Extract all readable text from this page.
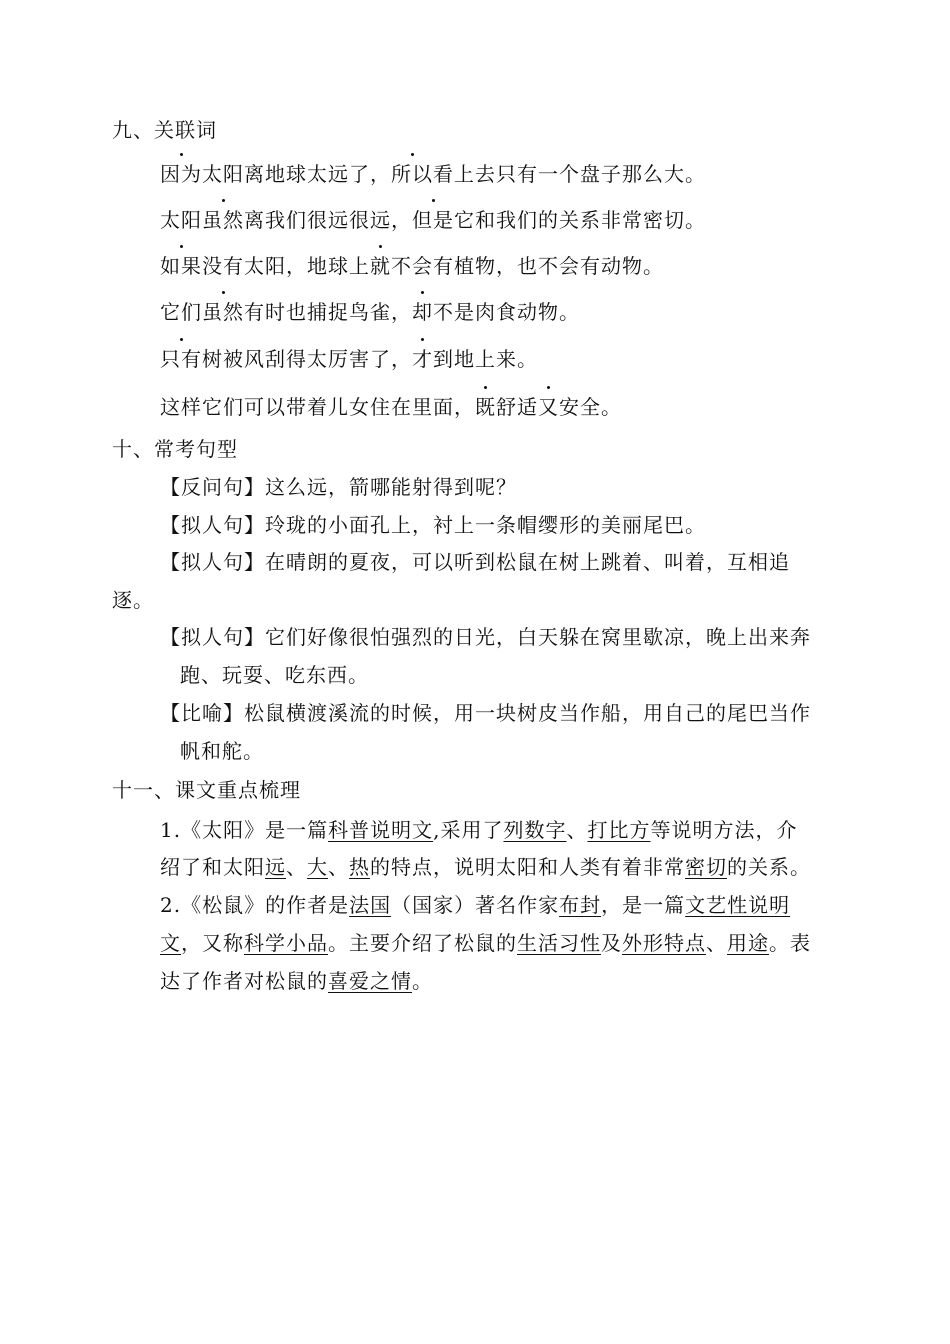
九、关联词
因为太阳离地球太远了，所以看上去只有一个盘子那么大。
太阳虽然离我们很远很远，但是它和我们的关系非常密切。
如果没有太阳，地球上就不会有植物，也不会有动物。
它们虽然有时也捕捉鸟雀，却不是肉食动物。
只有树被风刮得太厉害了，才到地上来。
这样它们可以带着儿女住在里面，既舒适又安全。
十、常考句型
【反问句】这么远，箭哪能射得到呢？
【拟人句】玲珑的小面孔上，衬上一条帽缨形的美丽尾巴。
【拟人句】在晴朗的夏夜，可以听到松鼠在树上跳着、叫着，互相追
逐。
【拟人句】它们好像很怕强烈的日光，白天躲在窝里歇凉，晚上出来奔
跑、玩耍、吃东西。
【比喻】松鼠横渡溪流的时候，用一块树皮当作船，用自己的尾巴当作
帆和舵。
十一、课文重点梳理
1.《太阳》是一篇科普说明文,采用了列数字、打比方等说明方法，介
绍了和太阳远、大、热的特点，说明太阳和人类有着非常密切的关系。
2.《松鼠》的作者是法国（国家）著名作家布封，是一篇文艺性说明
文，又称科学小品。主要介绍了松鼠的生活习性及外形特点、用途。表
达了作者对松鼠的喜爱之情。
